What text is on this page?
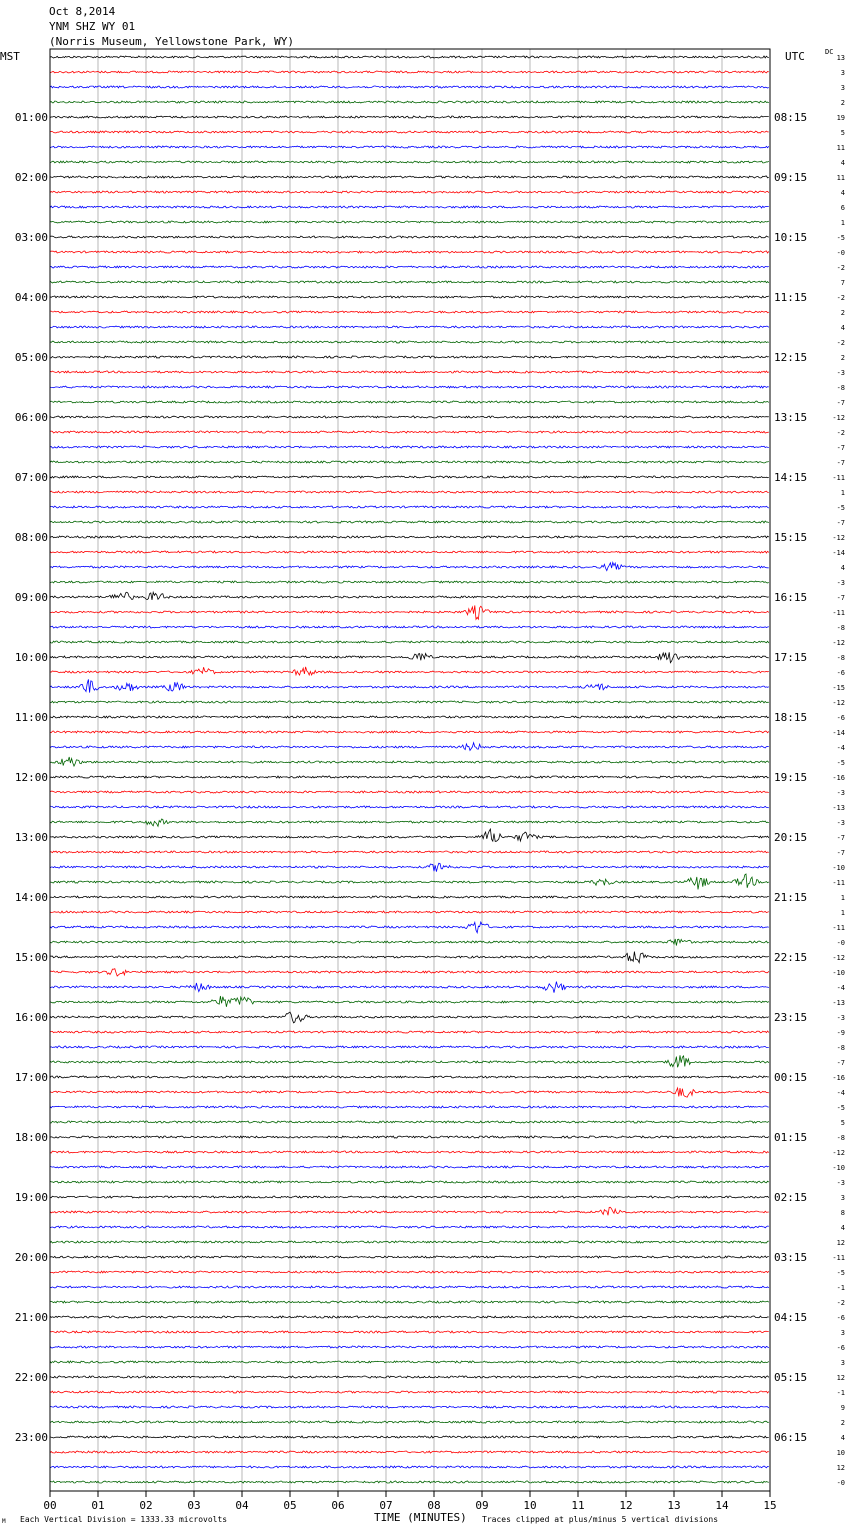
Oct 8,2014
YNM SHZ WY 01
(Norris Museum, Yellowstone Park, WY)
MST	UTC	DC
00	01	02	03	04	05	06	07	08	09	10	11	12	13	14	15
01:00
02:00
03:00
04:00
05:00
06:00
07:00
08:00
09:00
10:00
11:00
12:00
13:00
14:00
15:00
16:00
17:00
18:00
19:00
20:00
21:00
22:00
23:00
08:15
09:15
10:15
11:15
12:15
13:15
14:15
15:15
16:15
17:15
18:15
19:15
20:15
21:15
22:15
23:15
00:15
01:15
02:15
03:15
04:15
05:15
06:15
13
3
3
2
19
5
11
4
11
4
6
1
-5
-0
-2
7
-2
2
4
-2
2
-3
-8
-7
-12
-2
-7
-7
-11
1
-5
-7
-12
-14
4
-3
-7
-11
-8
-12
-8
-6
-15
-12
-6
-14
-4
-5
-16
-3
-13
-3
-7
-7
-10
-11
1
1
-11
-0
-12
-10
-4
-13
-3
-9
-8
-7
-16
-4
-5
5
-8
-12
-10
-3
3
8
4
12
-11
-5
-1
-2
-6
3
-6
3
12
-1
9
2
4
10
12
-0
TIME (MINUTES)
Each Vertical Division = 1333.33 microvolts	Traces clipped at plus/minus 5 vertical divisions
M
